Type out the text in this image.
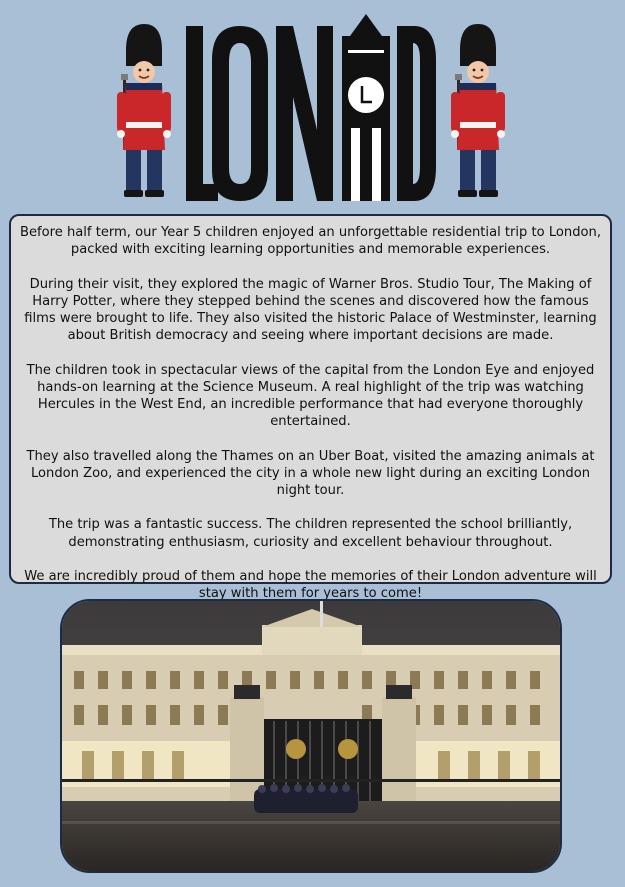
Before half term, our Year 5 children enjoyed an unforgettable residential trip to London, packed with exciting learning opportunities and memorable experiences.

During their visit, they explored the magic of Warner Bros. Studio Tour, The Making of Harry Potter, where they stepped behind the scenes and discovered how the famous films were brought to life. They also visited the historic Palace of Westminster, learning about British democracy and seeing where important decisions are made.

The children took in spectacular views of the capital from the London Eye and enjoyed hands-on learning at the Science Museum. A real highlight of the trip was watching Hercules in the West End, an incredible performance that had everyone thoroughly entertained.

They also travelled along the Thames on an Uber Boat, visited the amazing animals at London Zoo, and experienced the city in a whole new light during an exciting London night tour.

The trip was a fantastic success. The children represented the school brilliantly, demonstrating enthusiasm, curiosity and excellent behaviour throughout.

We are incredibly proud of them and hope the memories of their London adventure will stay with them for years to come!
